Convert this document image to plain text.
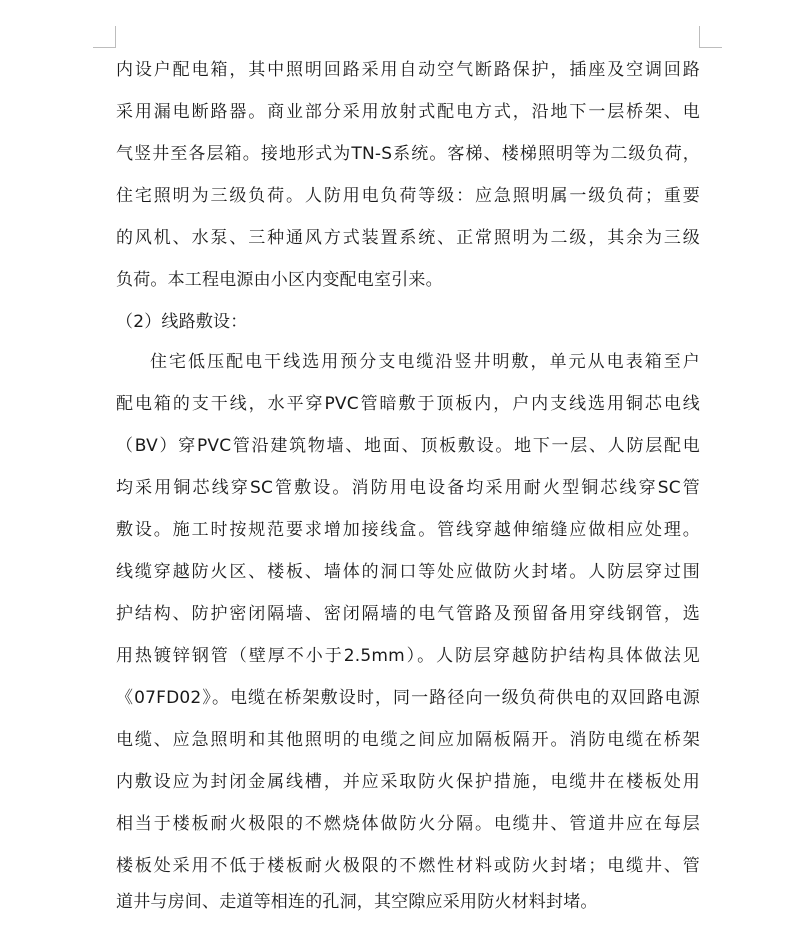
内设户配电箱，其中照明回路采用自动空气断路保护，插座及空调回路
采用漏电断路器。商业部分采用放射式配电方式，沿地下一层桥架、电
气竖井至各层箱。接地形式为TN-S系统。客梯、楼梯照明等为二级负荷，
住宅照明为三级负荷。人防用电负荷等级：应急照明属一级负荷；重要
的风机、水泵、三种通风方式装置系统、正常照明为二级，其余为三级
负荷。本工程电源由小区内变配电室引来。
（2）线路敷设：
住宅低压配电干线选用预分支电缆沿竖井明敷，单元从电表箱至户
配电箱的支干线，水平穿PVC管暗敷于顶板内，户内支线选用铜芯电线
（BV）穿PVC管沿建筑物墙、地面、顶板敷设。地下一层、人防层配电
均采用铜芯线穿SC管敷设。消防用电设备均采用耐火型铜芯线穿SC管
敷设。施工时按规范要求增加接线盒。管线穿越伸缩缝应做相应处理。
线缆穿越防火区、楼板、墙体的洞口等处应做防火封堵。人防层穿过围
护结构、防护密闭隔墙、密闭隔墙的电气管路及预留备用穿线钢管，选
用热镀锌钢管（壁厚不小于2.5mm）。人防层穿越防护结构具体做法见
《07FD02》。电缆在桥架敷设时，同一路径向一级负荷供电的双回路电源
电缆、应急照明和其他照明的电缆之间应加隔板隔开。消防电缆在桥架
内敷设应为封闭金属线槽，并应采取防火保护措施，电缆井在楼板处用
相当于楼板耐火极限的不燃烧体做防火分隔。电缆井、管道井应在每层
楼板处采用不低于楼板耐火极限的不燃性材料或防火封堵；电缆井、管
道井与房间、走道等相连的孔洞，其空隙应采用防火材料封堵。
